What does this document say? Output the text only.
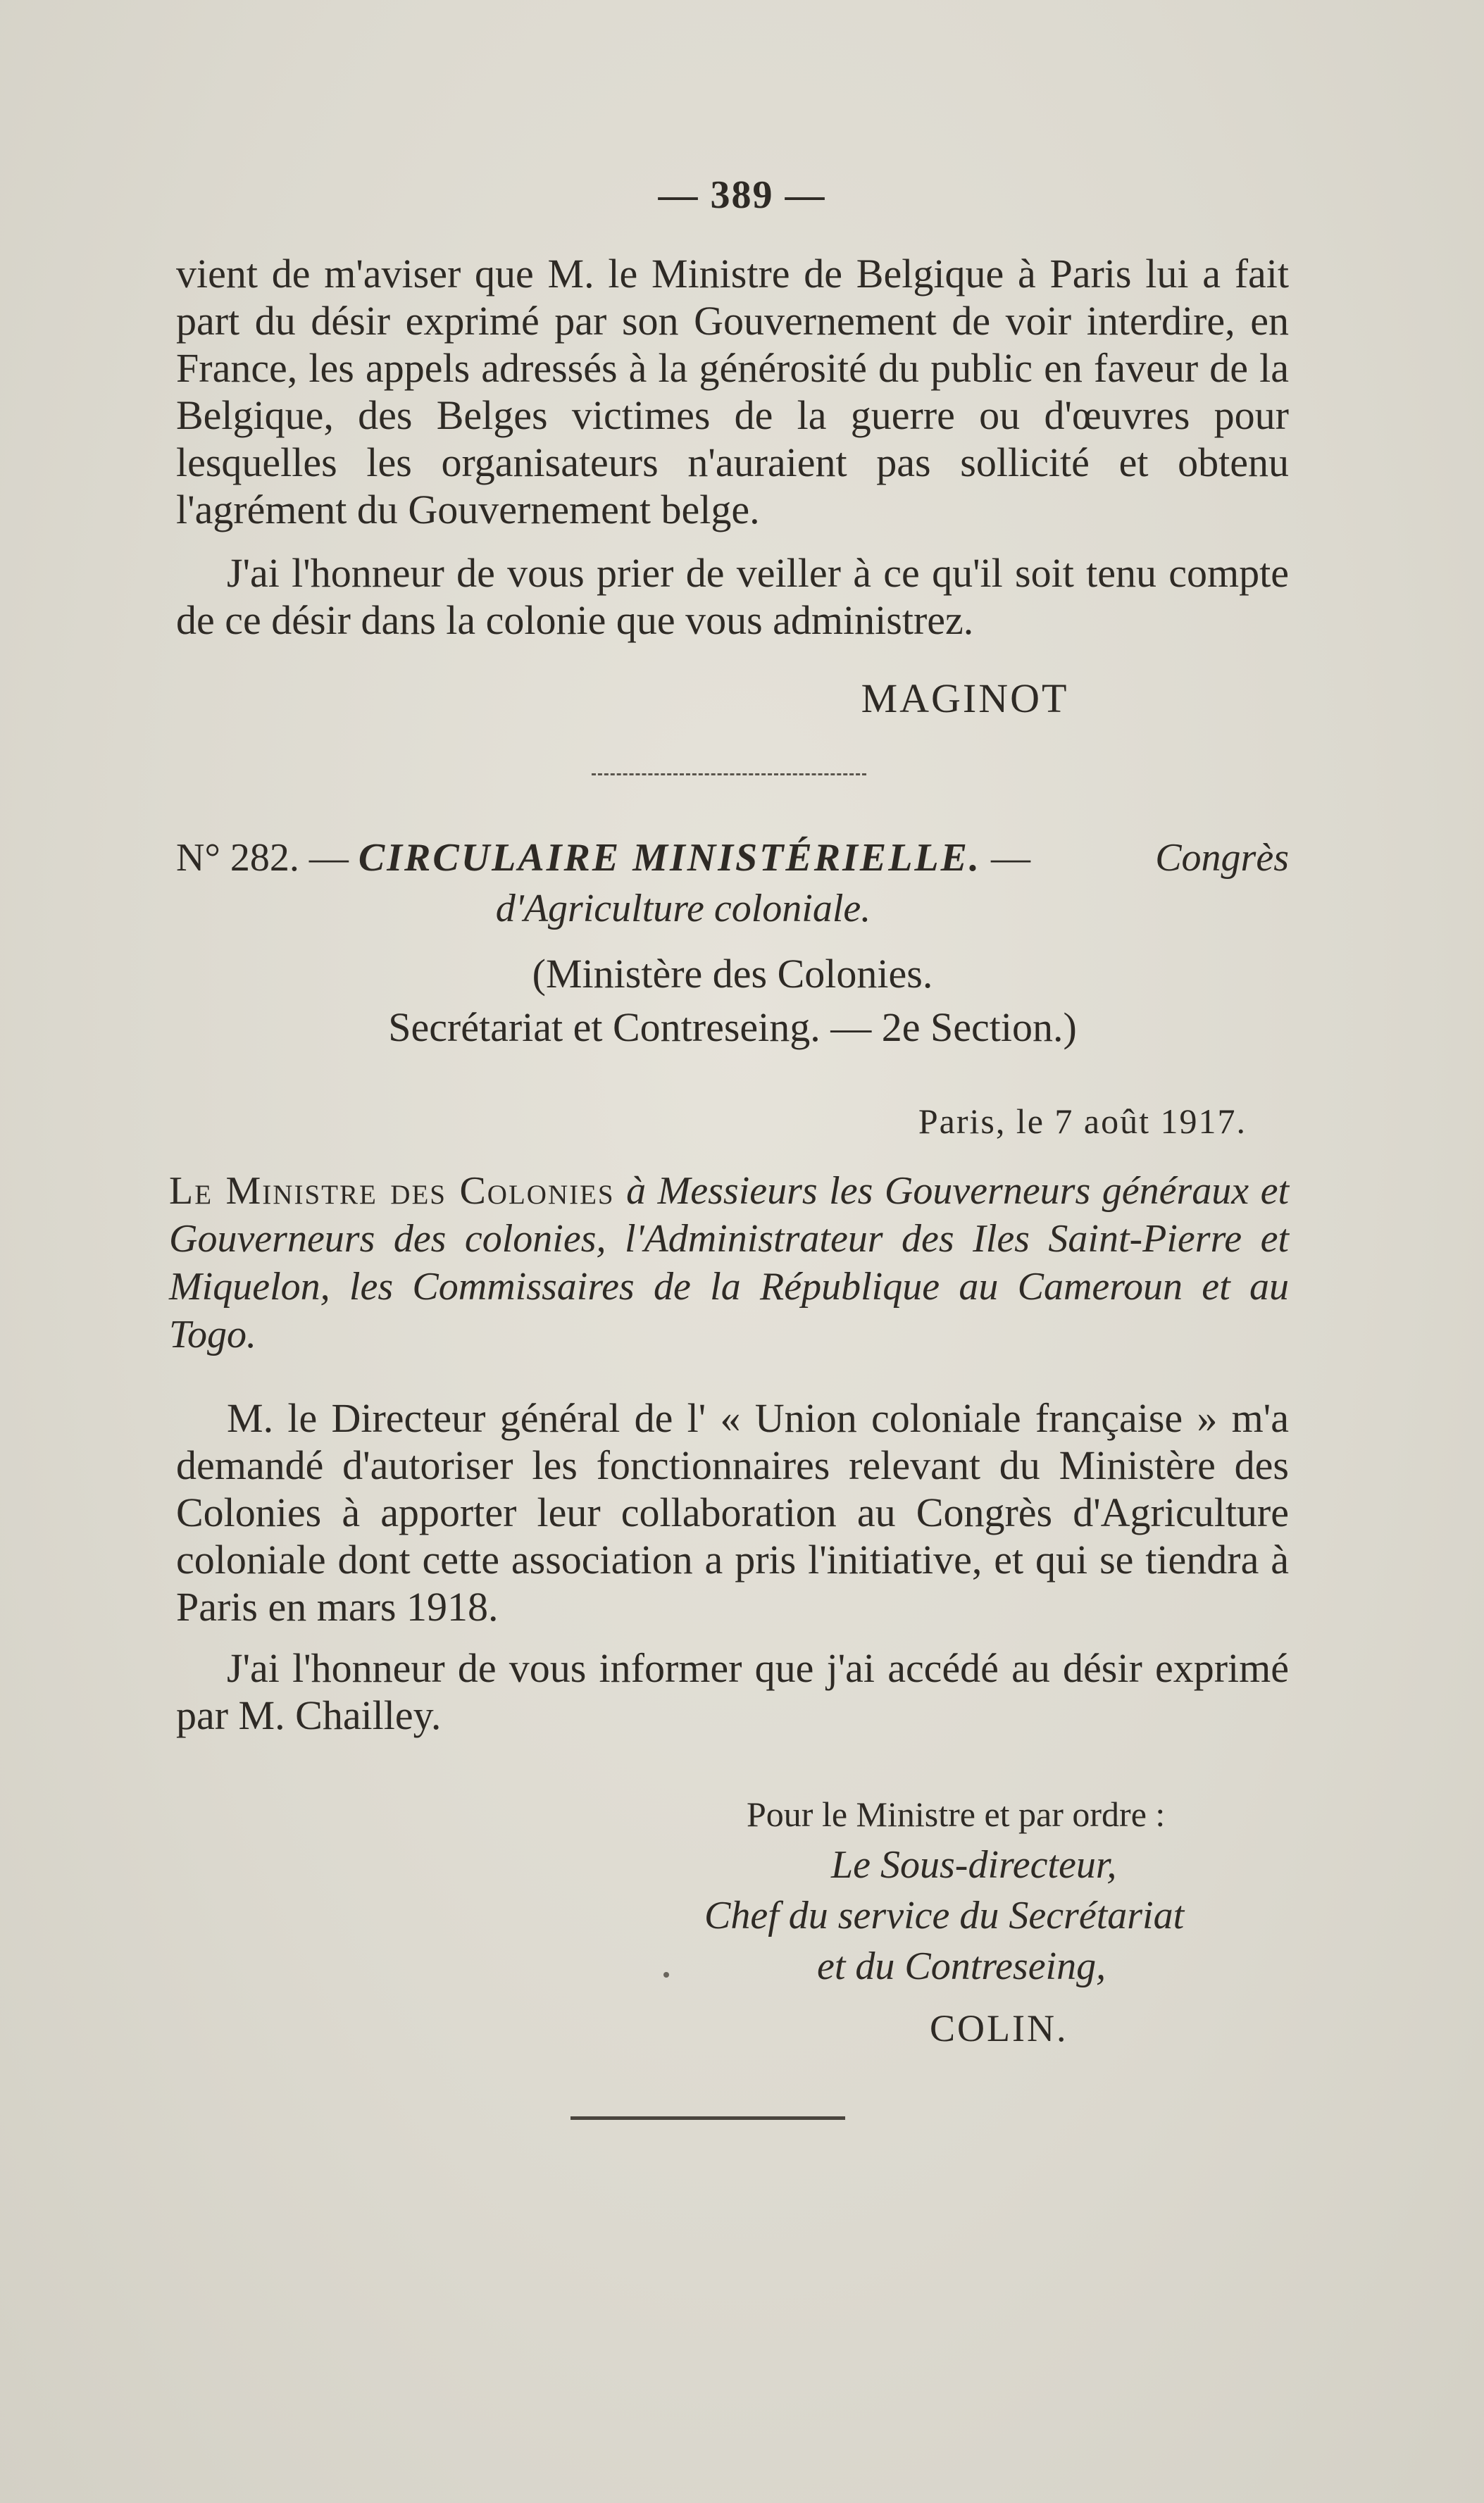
— 389 —

vient de m'aviser que M. le Ministre de Belgique à Paris lui a fait part du désir exprimé par son Gouvernement de voir interdire, en France, les appels adressés à la générosité du public en faveur de la Belgique, des Belges victimes de la guerre ou d'œuvres pour lesquelles les organisateurs n'auraient pas sollicité et obtenu l'agrément du Gouvernement belge.

J'ai l'honneur de vous prier de veiller à ce qu'il soit tenu compte de ce désir dans la colonie que vous administrez.

MAGINOT
N° 282. — CIRCULAIRE MINISTÉRIELLE. —	Congrès
d'Agriculture coloniale.
(Ministère des Colonies.
Secrétariat et Contreseing. — 2e Section.)
Paris, le 7 août 1917.
Le Ministre des Colonies à Messieurs les Gouverneurs généraux et Gouverneurs des colonies, l'Administrateur des Iles Saint-Pierre et Miquelon, les Commissaires de la République au Cameroun et au Togo.

M. le Directeur général de l' « Union coloniale française » m'a demandé d'autoriser les fonctionnaires relevant du Ministère des Colonies à apporter leur collaboration au Congrès d'Agriculture coloniale dont cette association a pris l'initiative, et qui se tiendra à Paris en mars 1918.

J'ai l'honneur de vous informer que j'ai accédé au désir exprimé par M. Chailley.

Pour le Ministre et par ordre :
Le Sous-directeur,
Chef du service du Secrétariat
et du Contreseing,
COLIN.
